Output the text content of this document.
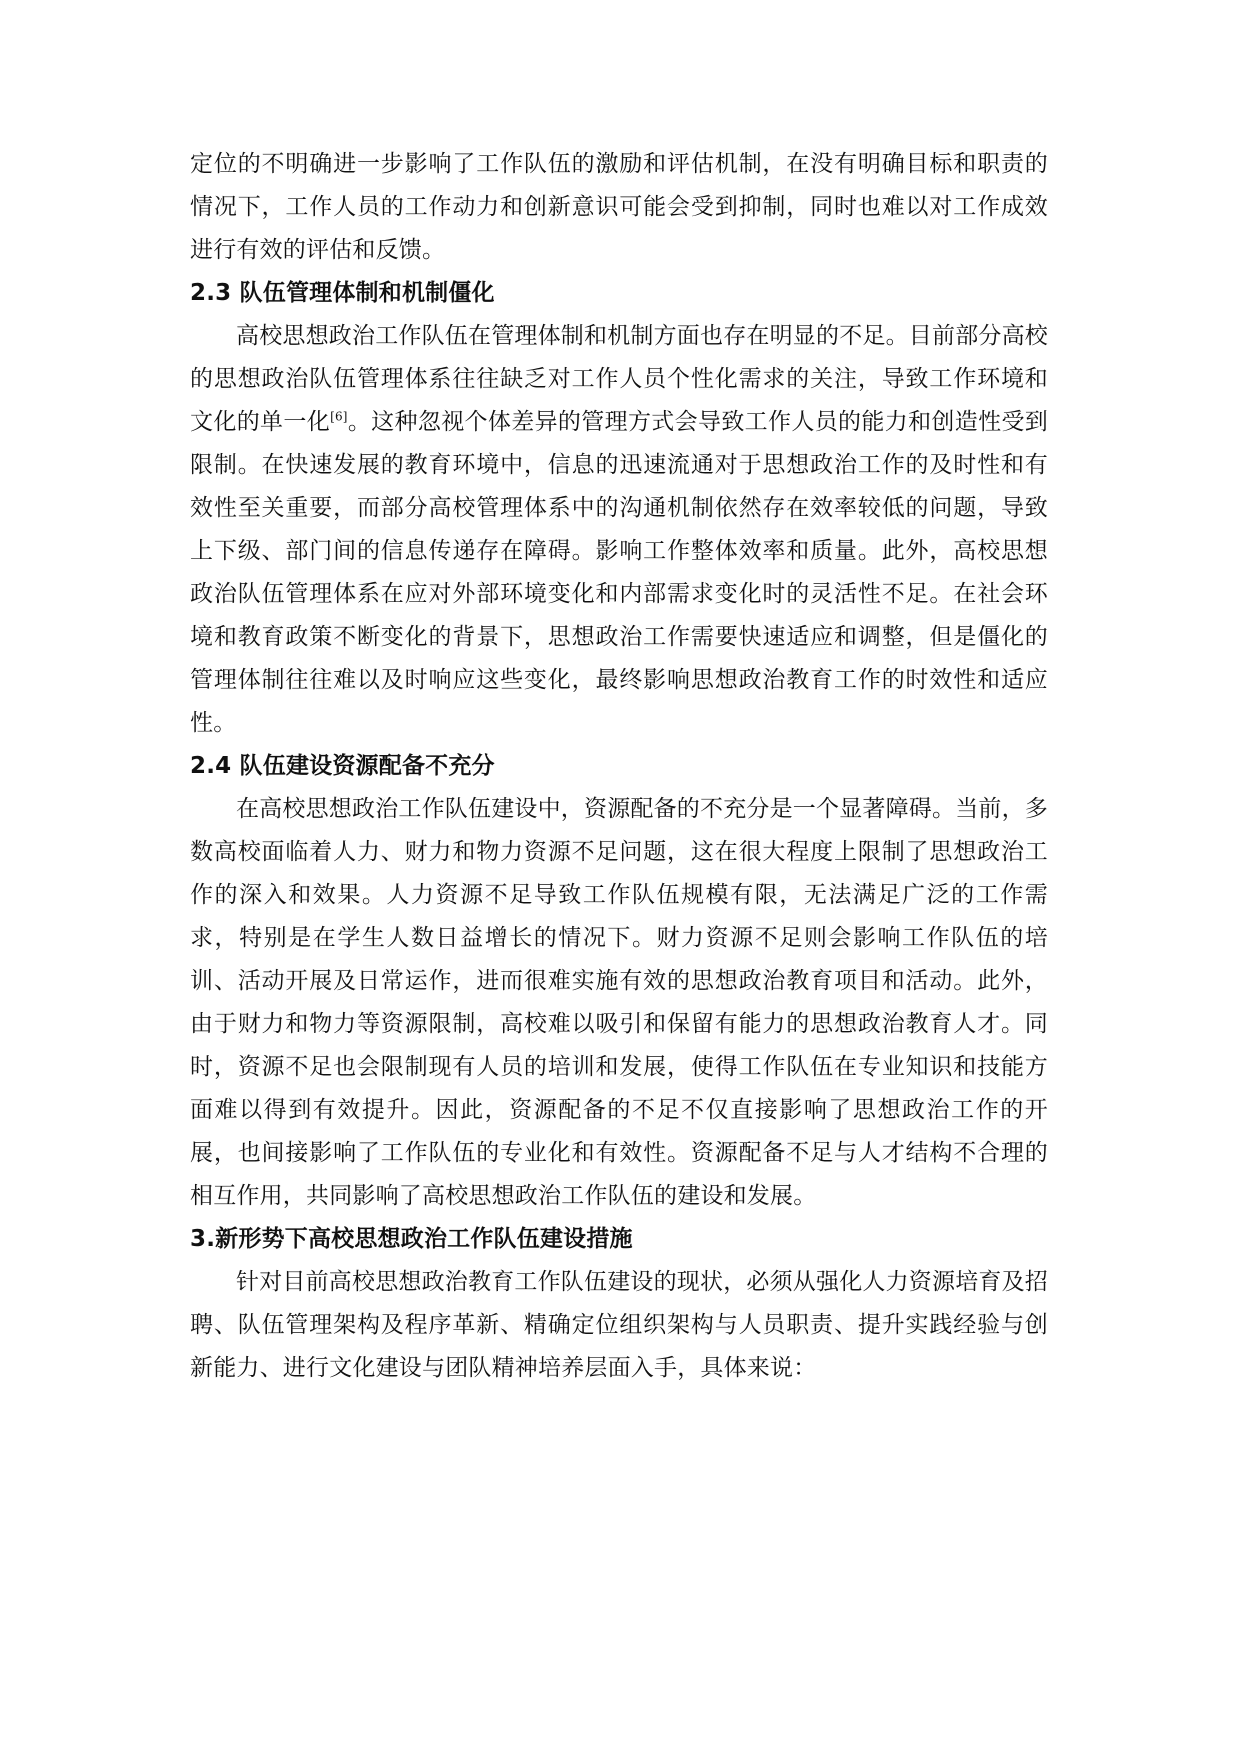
定位的不明确进一步影响了工作队伍的激励和评估机制，在没有明确目标和职责的情况下，工作人员的工作动力和创新意识可能会受到抑制，同时也难以对工作成效进行有效的评估和反馈。

2.3 队伍管理体制和机制僵化

高校思想政治工作队伍在管理体制和机制方面也存在明显的不足。目前部分高校的思想政治队伍管理体系往往缺乏对工作人员个性化需求的关注，导致工作环境和文化的单一化[6]。这种忽视个体差异的管理方式会导致工作人员的能力和创造性受到限制。在快速发展的教育环境中，信息的迅速流通对于思想政治工作的及时性和有效性至关重要，而部分高校管理体系中的沟通机制依然存在效率较低的问题，导致上下级、部门间的信息传递存在障碍。影响工作整体效率和质量。此外，高校思想政治队伍管理体系在应对外部环境变化和内部需求变化时的灵活性不足。在社会环境和教育政策不断变化的背景下，思想政治工作需要快速适应和调整，但是僵化的管理体制往往难以及时响应这些变化，最终影响思想政治教育工作的时效性和适应性。

2.4 队伍建设资源配备不充分

在高校思想政治工作队伍建设中，资源配备的不充分是一个显著障碍。当前，多数高校面临着人力、财力和物力资源不足问题，这在很大程度上限制了思想政治工作的深入和效果。人力资源不足导致工作队伍规模有限，无法满足广泛的工作需求，特别是在学生人数日益增长的情况下。财力资源不足则会影响工作队伍的培训、活动开展及日常运作，进而很难实施有效的思想政治教育项目和活动。此外，由于财力和物力等资源限制，高校难以吸引和保留有能力的思想政治教育人才。同时，资源不足也会限制现有人员的培训和发展，使得工作队伍在专业知识和技能方面难以得到有效提升。因此，资源配备的不足不仅直接影响了思想政治工作的开展，也间接影响了工作队伍的专业化和有效性。资源配备不足与人才结构不合理的相互作用，共同影响了高校思想政治工作队伍的建设和发展。

3.新形势下高校思想政治工作队伍建设措施

针对目前高校思想政治教育工作队伍建设的现状，必须从强化人力资源培育及招聘、队伍管理架构及程序革新、精确定位组织架构与人员职责、提升实践经验与创新能力、进行文化建设与团队精神培养层面入手，具体来说：
